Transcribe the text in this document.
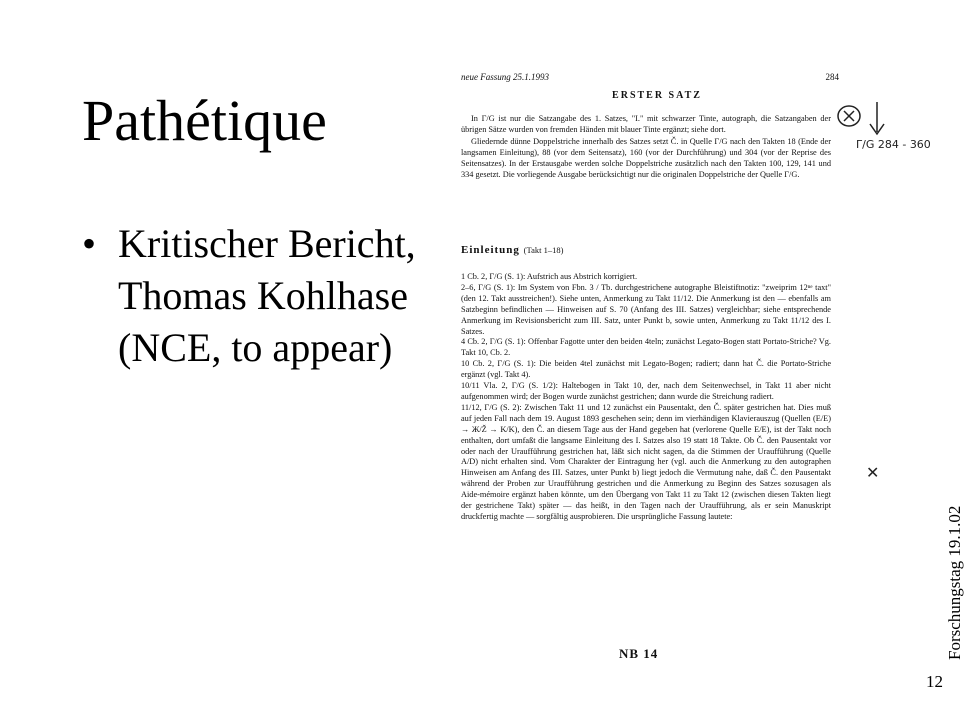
Pathétique
• Kritischer Bericht,
Thomas Kohlhase
(NCE, to appear)
neue Fassung 25.1.1993	284
ERSTER SATZ

In Γ/G ist nur die Satzangabe des 1. Satzes, "I." mit schwarzer Tinte, autograph, die Satzangaben der übrigen Sätze wurden von fremden Händen mit blauer Tinte ergänzt; siehe dort.

Gliedernde dünne Doppelstriche innerhalb des Satzes setzt Č. in Quelle Γ/G nach den Takten 18 (Ende der langsamen Einleitung), 88 (vor dem Seitensatz), 160 (vor der Durchführung) und 304 (vor der Reprise des Seitensatzes). In der Erstausgabe werden solche Doppelstriche zusätzlich nach den Takten 100, 129, 141 und 334 gesetzt. Die vorliegende Ausgabe berücksichtigt nur die originalen Doppelstriche der Quelle Γ/G.

Einleitung (Takt 1–18)

1 Cb. 2, Γ/G (S. 1): Aufstrich aus Abstrich korrigiert.

2–6, Γ/G (S. 1): Im System von Fbn. 3 / Tb. durchgestrichene autographe Bleistiftnotiz: "zweiprim 12ⁿᵉ taxt" (den 12. Takt ausstreichen!). Siehe unten, Anmerkung zu Takt 11/12. Die Anmerkung ist den — ebenfalls am Satzbeginn befindlichen — Hinweisen auf S. 70 (Anfang des III. Satzes) vergleichbar; siehe entsprechende Anmerkung im Revisionsbericht zum III. Satz, unter Punkt b, sowie unten, Anmerkung zu Takt 11/12 des I. Satzes.

4 Cb. 2, Γ/G (S. 1): Offenbar Fagotte unter den beiden 4teln; zunächst Legato-Bogen statt Portato-Striche? Vg. Takt 10, Cb. 2.

10 Cb. 2, Γ/G (S. 1): Die beiden 4tel zunächst mit Legato-Bogen; radiert; dann hat Č. die Portato-Striche ergänzt (vgl. Takt 4).

10/11 Vla. 2, Γ/G (S. 1/2): Haltebogen in Takt 10, der, nach dem Seitenwechsel, in Takt 11 aber nicht aufgenommen wird; der Bogen wurde zunächst gestrichen; dann wurde die Streichung radiert.

11/12, Γ/G (S. 2): Zwischen Takt 11 und 12 zunächst ein Pausentakt, den Č. später gestrichen hat. Dies muß auf jeden Fall nach dem 19. August 1893 geschehen sein; denn im vierhändigen Klavierauszug (Quellen (E/E) → Ж/Ž → K/K), den Č. an diesem Tage aus der Hand gegeben hat (verlorene Quelle E/E), ist der Takt noch enthalten, dort umfaßt die langsame Einleitung des I. Satzes also 19 statt 18 Takte. Ob Č. den Pausentakt vor oder nach der Uraufführung gestrichen hat, läßt sich nicht sagen, da die Stimmen der Uraufführung (Quelle A/D) nicht erhalten sind. Vom Charakter der Eintragung her (vgl. auch die Anmerkung zu den autographen Hinweisen am Anfang des III. Satzes, unter Punkt b) liegt jedoch die Vermutung nahe, daß Č. den Pausentakt während der Proben zur Uraufführung gestrichen und die Anmerkung zu Beginn des Satzes sozusagen als Aide-mémoire ergänzt haben könnte, um den Übergang von Takt 11 zu Takt 12 (zwischen diesen Takten liegt der gestrichene Takt) später — das heißt, in den Tagen nach der Uraufführung, als er sein Manuskript druckfertig machte — sorgfältig ausprobieren. Die ursprüngliche Fassung lautete:

NB 14
Γ/G 284 - 360
✕
Forschungstag 19.1.02
12
